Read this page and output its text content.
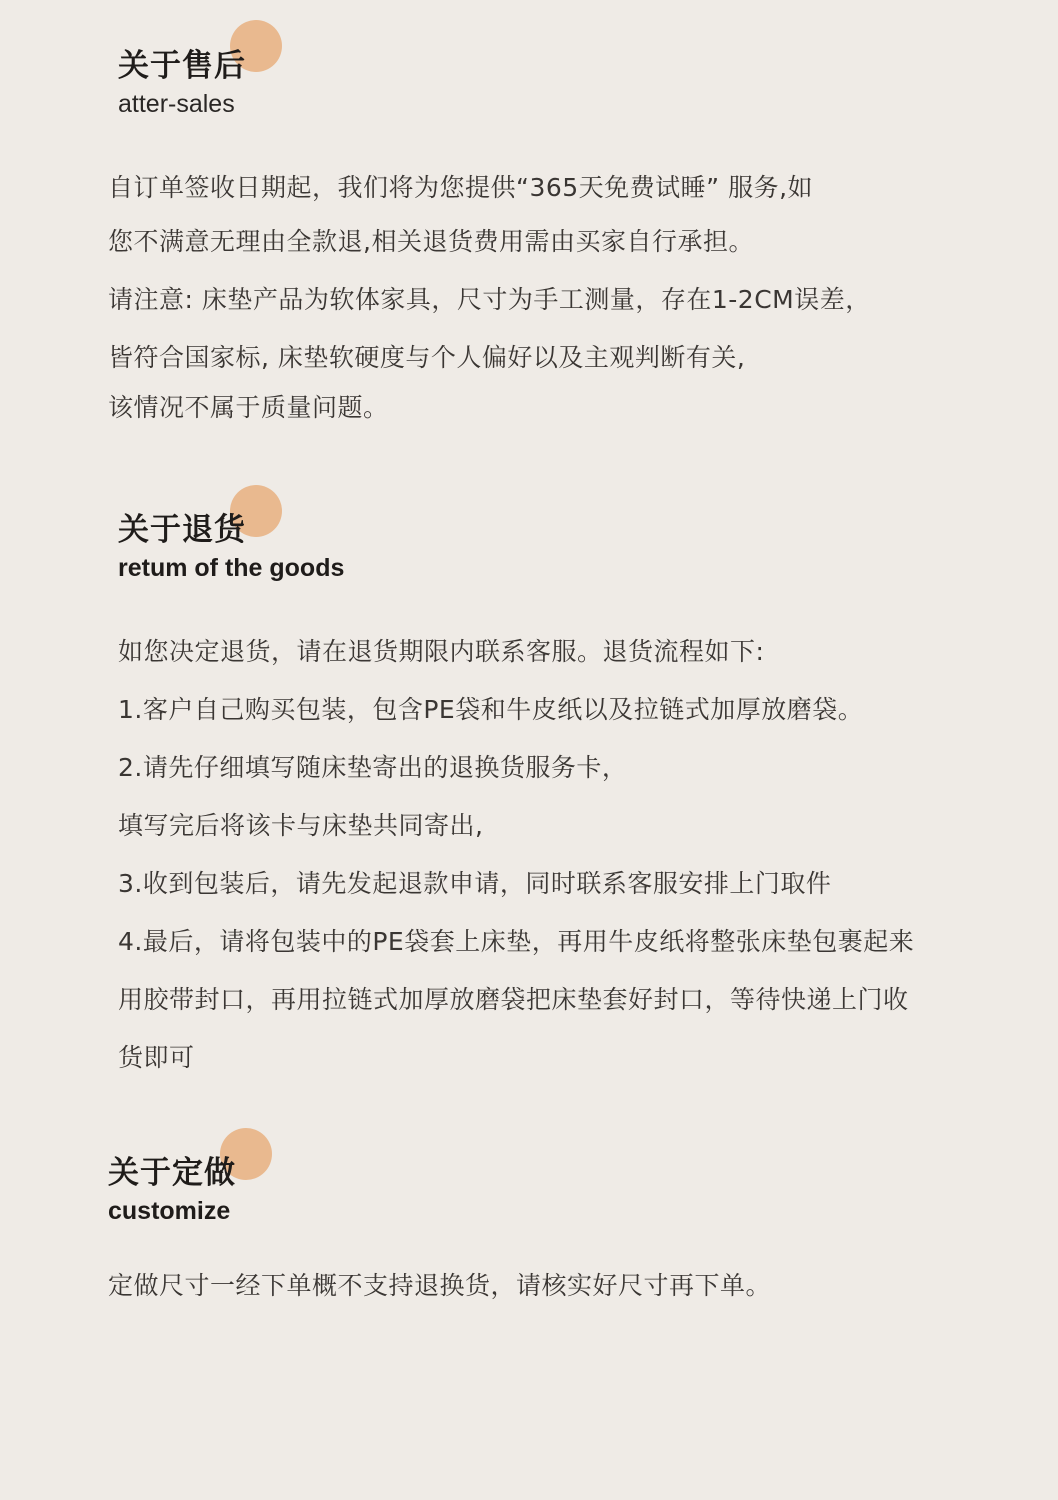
关于售后
atter-sales

自订单签收日期起，我们将为您提供“365天免费试睡” 服务,如

您不满意无理由全款退,相关退货费用需由买家自行承担。

请注意: 床垫产品为软体家具，尺寸为手工测量，存在1-2CM误差，

皆符合国家标, 床垫软硬度与个人偏好以及主观判断有关,

该情况不属于质量问题。

关于退货
retum of the goods

如您决定退货，请在退货期限内联系客服。退货流程如下:

1.客户自己购买包装，包含PE袋和牛皮纸以及拉链式加厚放磨袋。

2.请先仔细填写随床垫寄出的退换货服务卡，

填写完后将该卡与床垫共同寄出,

3.收到包装后，请先发起退款申请，同时联系客服安排上门取件

4.最后，请将包装中的PE袋套上床垫，再用牛皮纸将整张床垫包裹起来

用胶带封口，再用拉链式加厚放磨袋把床垫套好封口，等待快递上门收

货即可

关于定做
customize

定做尺寸一经下单概不支持退换货，请核实好尺寸再下单。
